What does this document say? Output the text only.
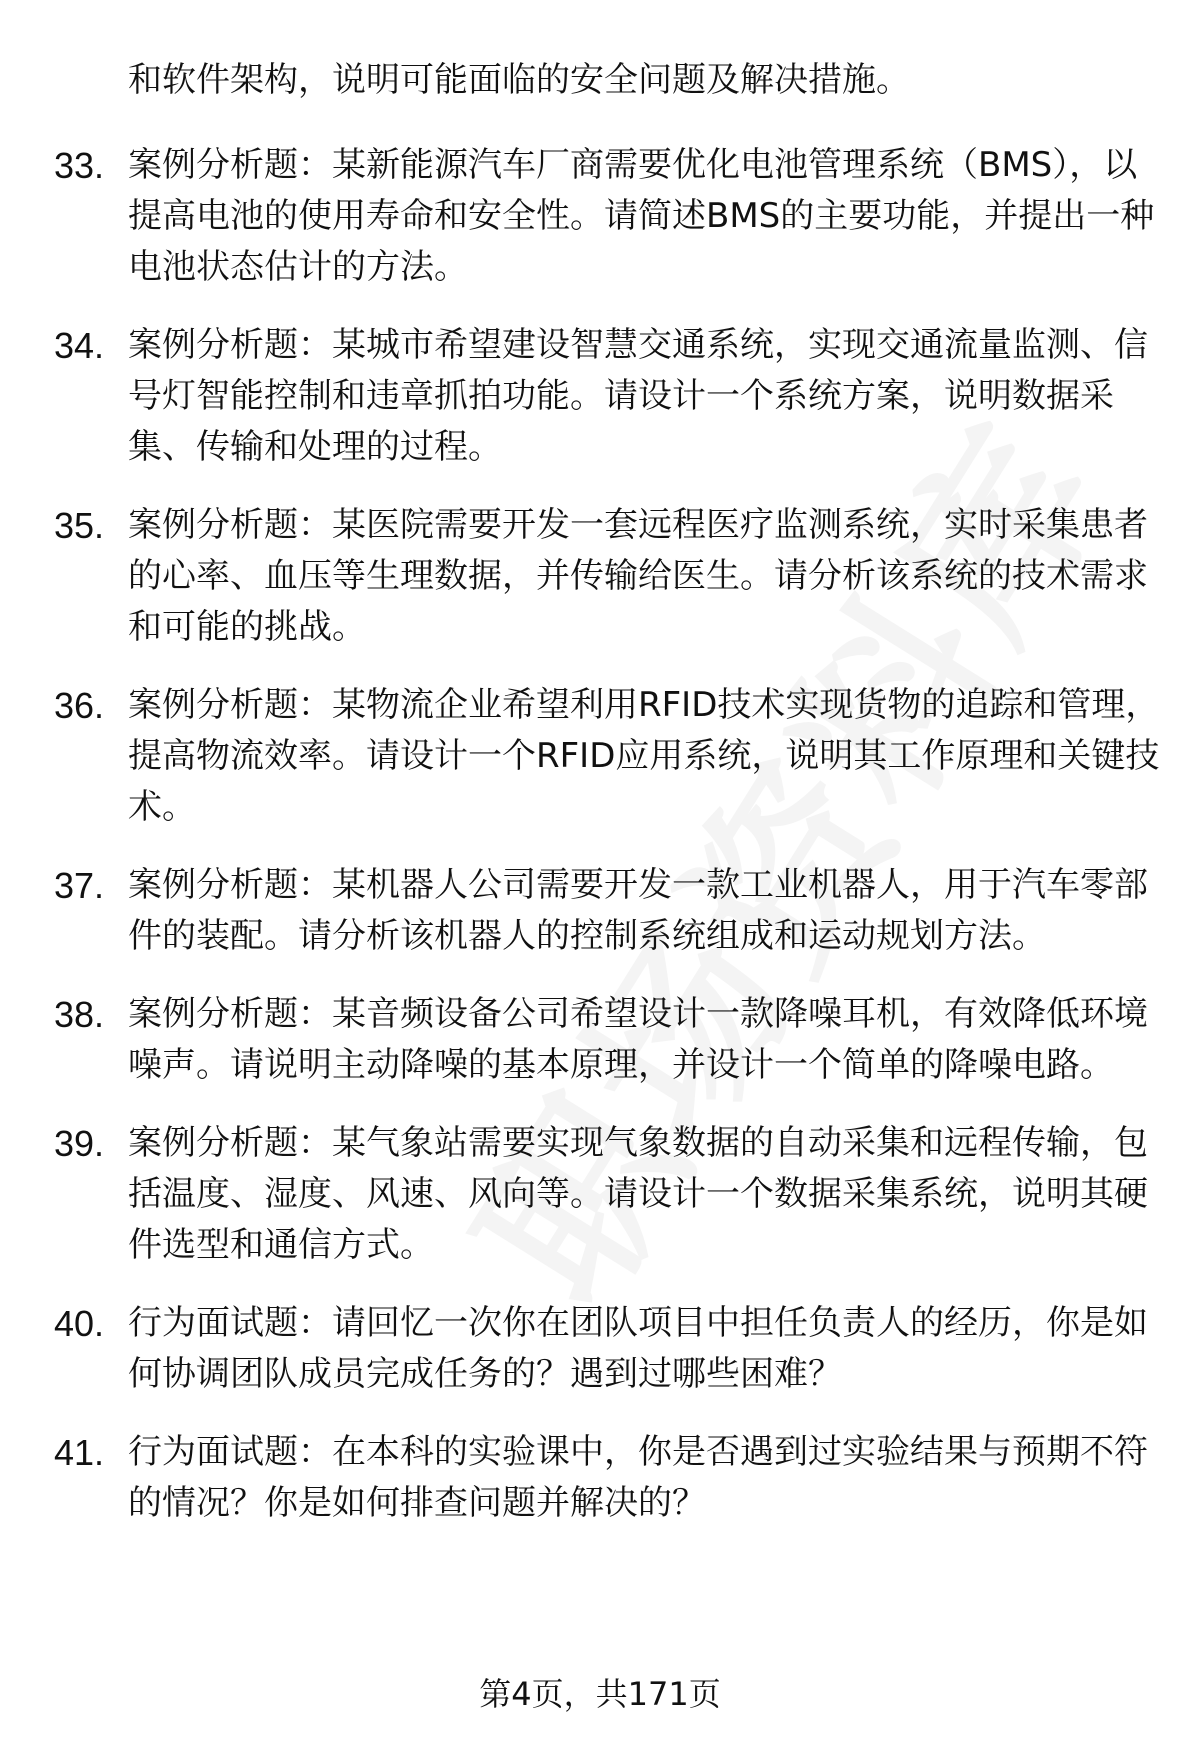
和软件架构，说明可能面临的安全问题及解决措施。
33. 案例分析题：某新能源汽车厂商需要优化电池管理系统（BMS），以提高电池的使用寿命和安全性。请简述BMS的主要功能，并提出一种电池状态估计的方法。
34. 案例分析题：某城市希望建设智慧交通系统，实现交通流量监测、信号灯智能控制和违章抓拍功能。请设计一个系统方案，说明数据采集、传输和处理的过程。
35. 案例分析题：某医院需要开发一套远程医疗监测系统，实时采集患者的心率、血压等生理数据，并传输给医生。请分析该系统的技术需求和可能的挑战。
36. 案例分析题：某物流企业希望利用RFID技术实现货物的追踪和管理，提高物流效率。请设计一个RFID应用系统，说明其工作原理和关键技术。
37. 案例分析题：某机器人公司需要开发一款工业机器人，用于汽车零部件的装配。请分析该机器人的控制系统组成和运动规划方法。
38. 案例分析题：某音频设备公司希望设计一款降噪耳机，有效降低环境噪声。请说明主动降噪的基本原理，并设计一个简单的降噪电路。
39. 案例分析题：某气象站需要实现气象数据的自动采集和远程传输，包括温度、湿度、风速、风向等。请设计一个数据采集系统，说明其硬件选型和通信方式。
40. 行为面试题：请回忆一次你在团队项目中担任负责人的经历，你是如何协调团队成员完成任务的？遇到过哪些困难？
41. 行为面试题：在本科的实验课中，你是否遇到过实验结果与预期不符的情况？你是如何排查问题并解决的？
第4页，共171页
